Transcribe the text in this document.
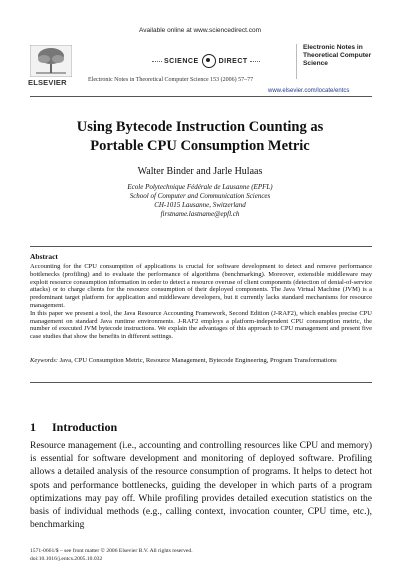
Available online at www.sciencedirect.com
ELSEVIER
SCIENCE	DIRECT
Electronic Notes in Theoretical Computer Science 153 (2006) 57–77
Electronic Notes in
Theoretical Computer
Science
www.elsevier.com/locate/entcs
Using Bytecode Instruction Counting as
Portable CPU Consumption Metric
Walter Binder and Jarle Hulaas
Ecole Polytechnique Fédérale de Lausanne (EPFL)
School of Computer and Communication Sciences
CH-1015 Lausanne, Switzerland
firstname.lastname@epfl.ch
Abstract

Accounting for the CPU consumption of applications is crucial for software development to detect and remove performance bottlenecks (profiling) and to evaluate the performance of algorithms (benchmarking). Moreover, extensible middleware may exploit resource consumption information in order to detect a resource overuse of client components (detection of denial-of-service attacks) or to charge clients for the resource consumption of their deployed components. The Java Virtual Machine (JVM) is a predominant target platform for application and middleware developers, but it currently lacks standard mechanisms for resource management.

In this paper we present a tool, the Java Resource Accounting Framework, Second Edition (J-RAF2), which enables precise CPU management on standard Java runtime environments. J-RAF2 employs a platform-independent CPU consumption metric, the number of executed JVM bytecode instructions. We explain the advantages of this approach to CPU management and present five case studies that show the benefits in different settings.

Keywords: Java, CPU Consumption Metric, Resource Management, Bytecode Engineering, Program Transformations
1 Introduction

Resource management (i.e., accounting and controlling resources like CPU and memory) is essential for software development and monitoring of deployed software. Profiling allows a detailed analysis of the resource consumption of programs. It helps to detect hot spots and performance bottlenecks, guiding the developer in which parts of a program optimizations may pay off. While profiling provides detailed execution statistics on the basis of individual methods (e.g., calling context, invocation counter, CPU time, etc.), benchmarking

1571-0661/$ – see front matter © 2006 Elsevier B.V. All rights reserved.
doi:10.1016/j.entcs.2005.10.032
